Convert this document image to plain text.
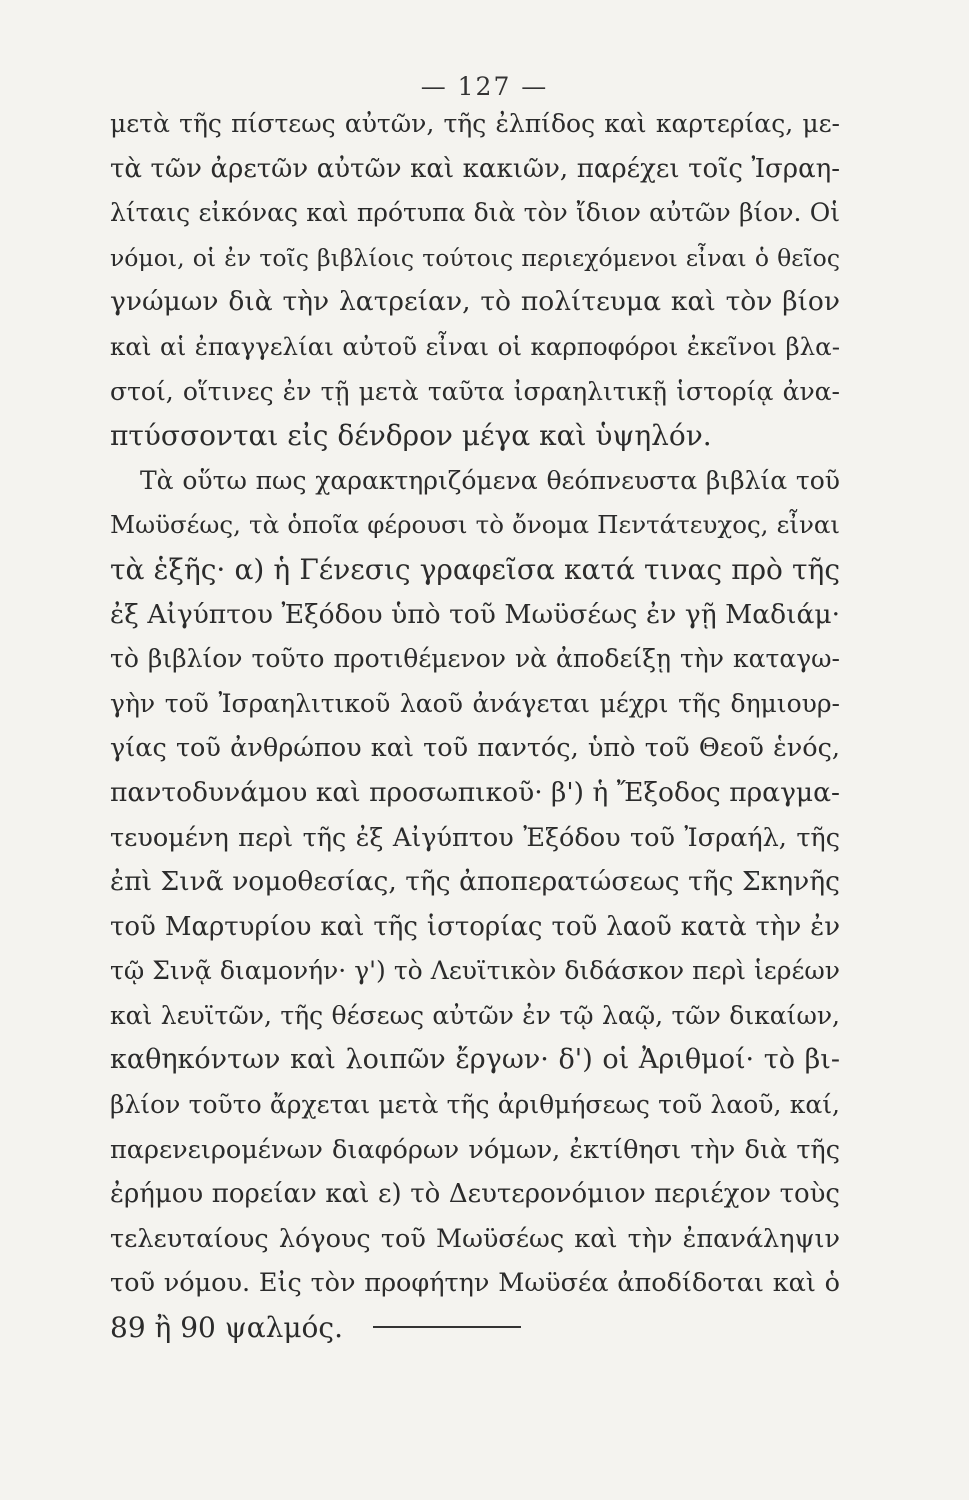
— 127 —
μετὰ τῆς πίστεως αὐτῶν, τῆς ἐλπίδος καὶ καρτερίας, με-
τὰ τῶν ἀρετῶν αὐτῶν καὶ κακιῶν, παρέχει τοῖς Ἰσραη-
λίταις εἰκόνας καὶ πρότυπα διὰ τὸν ἴδιον αὐτῶν βίον. Οἱ
νόμοι, οἱ ἐν τοῖς βιβλίοις τούτοις περιεχόμενοι εἶναι ὁ θεῖος
γνώμων διὰ τὴν λατρείαν, τὸ πολίτευμα καὶ τὸν βίον
καὶ αἱ ἐπαγγελίαι αὐτοῦ εἶναι οἱ καρποφόροι ἐκεῖνοι βλα-
στοί, οἵτινες ἐν τῇ μετὰ ταῦτα ἰσραηλιτικῇ ἱστορίᾳ ἀνα-
πτύσσονται εἰς δένδρον μέγα καὶ ὑψηλόν.
Τὰ οὕτω πως χαρακτηριζόμενα θεόπνευστα βιβλία τοῦ
Μωϋσέως, τὰ ὁποῖα φέρουσι τὸ ὄνομα Πεντάτευχος, εἶναι
τὰ ἑξῆς· α) ἡ Γένεσις γραφεῖσα κατά τινας πρὸ τῆς
ἐξ Αἰγύπτου Ἐξόδου ὑπὸ τοῦ Μωϋσέως ἐν γῇ Μαδιάμ·
τὸ βιβλίον τοῦτο προτιθέμενον νὰ ἀποδείξῃ τὴν καταγω-
γὴν τοῦ Ἰσραηλιτικοῦ λαοῦ ἀνάγεται μέχρι τῆς δημιουρ-
γίας τοῦ ἀνθρώπου καὶ τοῦ παντός, ὑπὸ τοῦ Θεοῦ ἑνός,
παντοδυνάμου καὶ προσωπικοῦ· β') ἡ Ἔξοδος πραγμα-
τευομένη περὶ τῆς ἐξ Αἰγύπτου Ἐξόδου τοῦ Ἰσραήλ, τῆς
ἐπὶ Σινᾶ νομοθεσίας, τῆς ἀποπερατώσεως τῆς Σκηνῆς
τοῦ Μαρτυρίου καὶ τῆς ἱστορίας τοῦ λαοῦ κατὰ τὴν ἐν
τῷ Σινᾷ διαμονήν· γ') τὸ Λευϊτικὸν διδάσκον περὶ ἱερέων
καὶ λευϊτῶν, τῆς θέσεως αὐτῶν ἐν τῷ λαῷ, τῶν δικαίων,
καθηκόντων καὶ λοιπῶν ἔργων· δ') οἱ Ἀριθμοί· τὸ βι-
βλίον τοῦτο ἄρχεται μετὰ τῆς ἀριθμήσεως τοῦ λαοῦ, καί,
παρενειρομένων διαφόρων νόμων, ἐκτίθησι τὴν διὰ τῆς
ἐρήμου πορείαν καὶ ε) τὸ Δευτερονόμιον περιέχον τοὺς
τελευταίους λόγους τοῦ Μωϋσέως καὶ τὴν ἐπανάληψιν
τοῦ νόμου. Εἰς τὸν προφήτην Μωϋσέα ἀποδίδοται καὶ ὁ
89 ἢ 90 ψαλμός.
